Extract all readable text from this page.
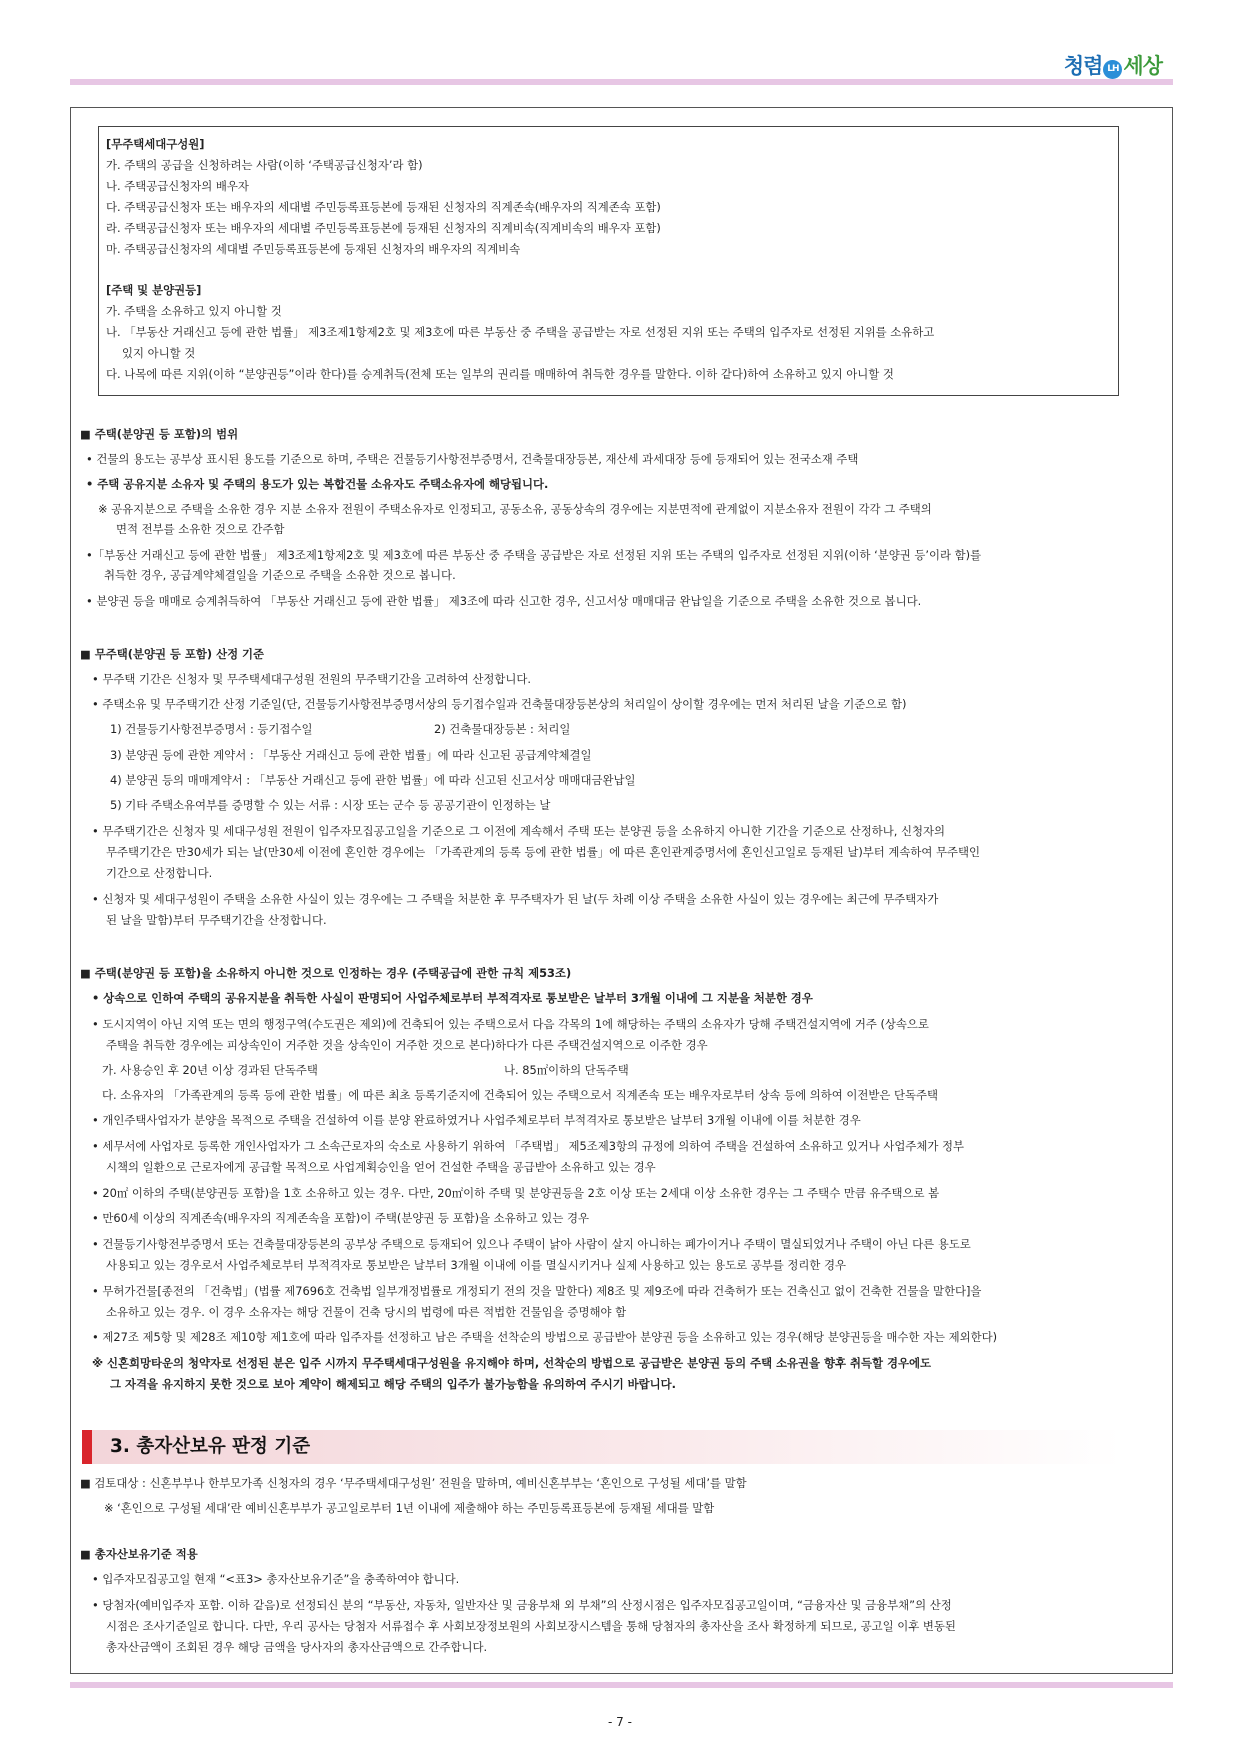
청렴 LH 세상
[무주택세대구성원]
가. 주택의 공급을 신청하려는 사람(이하 ‘주택공급신청자’라 함)
나. 주택공급신청자의 배우자
다. 주택공급신청자 또는 배우자의 세대별 주민등록표등본에 등재된 신청자의 직계존속(배우자의 직계존속 포함)
라. 주택공급신청자 또는 배우자의 세대별 주민등록표등본에 등재된 신청자의 직계비속(직계비속의 배우자 포함)
마. 주택공급신청자의 세대별 주민등록표등본에 등재된 신청자의 배우자의 직계비속
[주택 및 분양권등]
가. 주택을 소유하고 있지 아니할 것
나. 「부동산 거래신고 등에 관한 법률」 제3조제1항제2호 및 제3호에 따른 부동산 중 주택을 공급받는 자로 선정된 지위 또는 주택의 입주자로 선정된 지위를 소유하고
있지 아니할 것
다. 나목에 따른 지위(이하 “분양권등”이라 한다)를 승계취득(전체 또는 일부의 권리를 매매하여 취득한 경우를 말한다. 이하 같다)하여 소유하고 있지 아니할 것
■ 주택(분양권 등 포함)의 범위
• 건물의 용도는 공부상 표시된 용도를 기준으로 하며, 주택은 건물등기사항전부증명서, 건축물대장등본, 재산세 과세대장 등에 등재되어 있는 전국소재 주택
• 주택 공유지분 소유자 및 주택의 용도가 있는 복합건물 소유자도 주택소유자에 해당됩니다.
※ 공유지분으로 주택을 소유한 경우 지분 소유자 전원이 주택소유자로 인정되고, 공동소유, 공동상속의 경우에는 지분면적에 관계없이 지분소유자 전원이 각각 그 주택의
면적 전부를 소유한 것으로 간주함
•「부동산 거래신고 등에 관한 법률」 제3조제1항제2호 및 제3호에 따른 부동산 중 주택을 공급받은 자로 선정된 지위 또는 주택의 입주자로 선정된 지위(이하 ‘분양권 등’이라 함)를
취득한 경우, 공급계약체결일을 기준으로 주택을 소유한 것으로 봅니다.
• 분양권 등을 매매로 승계취득하여 「부동산 거래신고 등에 관한 법률」 제3조에 따라 신고한 경우, 신고서상 매매대금 완납일을 기준으로 주택을 소유한 것으로 봅니다.
■ 무주택(분양권 등 포함) 산정 기준
• 무주택 기간은 신청자 및 무주택세대구성원 전원의 무주택기간을 고려하여 산정합니다.
• 주택소유 및 무주택기간 산정 기준일(단, 건물등기사항전부증명서상의 등기접수일과 건축물대장등본상의 처리일이 상이할 경우에는 먼저 처리된 날을 기준으로 함)
1) 건물등기사항전부증명서 : 등기접수일	2) 건축물대장등본 : 처리일
3) 분양권 등에 관한 계약서 : 「부동산 거래신고 등에 관한 법률」에 따라 신고된 공급계약체결일
4) 분양권 등의 매매계약서 : 「부동산 거래신고 등에 관한 법률」에 따라 신고된 신고서상 매매대금완납일
5) 기타 주택소유여부를 증명할 수 있는 서류 : 시장 또는 군수 등 공공기관이 인정하는 날
• 무주택기간은 신청자 및 세대구성원 전원이 입주자모집공고일을 기준으로 그 이전에 계속해서 주택 또는 분양권 등을 소유하지 아니한 기간을 기준으로 산정하나, 신청자의
무주택기간은 만30세가 되는 날(만30세 이전에 혼인한 경우에는 「가족관계의 등록 등에 관한 법률」에 따른 혼인관계증명서에 혼인신고일로 등재된 날)부터 계속하여 무주택인
기간으로 산정합니다.
• 신청자 및 세대구성원이 주택을 소유한 사실이 있는 경우에는 그 주택을 처분한 후 무주택자가 된 날(두 차례 이상 주택을 소유한 사실이 있는 경우에는 최근에 무주택자가
된 날을 말함)부터 무주택기간을 산정합니다.
■ 주택(분양권 등 포함)을 소유하지 아니한 것으로 인정하는 경우 (주택공급에 관한 규칙 제53조)
• 상속으로 인하여 주택의 공유지분을 취득한 사실이 판명되어 사업주체로부터 부적격자로 통보받은 날부터 3개월 이내에 그 지분을 처분한 경우
• 도시지역이 아닌 지역 또는 면의 행정구역(수도권은 제외)에 건축되어 있는 주택으로서 다음 각목의 1에 해당하는 주택의 소유자가 당해 주택건설지역에 거주 (상속으로
주택을 취득한 경우에는 피상속인이 거주한 것을 상속인이 거주한 것으로 본다)하다가 다른 주택건설지역으로 이주한 경우
가. 사용승인 후 20년 이상 경과된 단독주택	나. 85㎡이하의 단독주택
다. 소유자의 「가족관계의 등록 등에 관한 법률」에 따른 최초 등록기준지에 건축되어 있는 주택으로서 직계존속 또는 배우자로부터 상속 등에 의하여 이전받은 단독주택
• 개인주택사업자가 분양을 목적으로 주택을 건설하여 이를 분양 완료하였거나 사업주체로부터 부적격자로 통보받은 날부터 3개월 이내에 이를 처분한 경우
• 세무서에 사업자로 등록한 개인사업자가 그 소속근로자의 숙소로 사용하기 위하여 「주택법」 제5조제3항의 규정에 의하여 주택을 건설하여 소유하고 있거나 사업주체가 정부
시책의 일환으로 근로자에게 공급할 목적으로 사업계획승인을 얻어 건설한 주택을 공급받아 소유하고 있는 경우
• 20㎡ 이하의 주택(분양권등 포함)을 1호 소유하고 있는 경우. 다만, 20㎡이하 주택 및 분양권등을 2호 이상 또는 2세대 이상 소유한 경우는 그 주택수 만큼 유주택으로 봄
• 만60세 이상의 직계존속(배우자의 직계존속을 포함)이 주택(분양권 등 포함)을 소유하고 있는 경우
• 건물등기사항전부증명서 또는 건축물대장등본의 공부상 주택으로 등재되어 있으나 주택이 낡아 사람이 살지 아니하는 폐가이거나 주택이 멸실되었거나 주택이 아닌 다른 용도로
사용되고 있는 경우로서 사업주체로부터 부적격자로 통보받은 날부터 3개월 이내에 이를 멸실시키거나 실제 사용하고 있는 용도로 공부를 정리한 경우
• 무허가건물[종전의 「건축법」(법률 제7696호 건축법 일부개정법률로 개정되기 전의 것을 말한다) 제8조 및 제9조에 따라 건축허가 또는 건축신고 없이 건축한 건물을 말한다]을
소유하고 있는 경우. 이 경우 소유자는 해당 건물이 건축 당시의 법령에 따른 적법한 건물임을 증명해야 함
• 제27조 제5항 및 제28조 제10항 제1호에 따라 입주자를 선정하고 남은 주택을 선착순의 방법으로 공급받아 분양권 등을 소유하고 있는 경우(해당 분양권등을 매수한 자는 제외한다)
※ 신혼희망타운의 청약자로 선정된 분은 입주 시까지 무주택세대구성원을 유지해야 하며, 선착순의 방법으로 공급받은 분양권 등의 주택 소유권을 향후 취득할 경우에도
그 자격을 유지하지 못한 것으로 보아 계약이 해제되고 해당 주택의 입주가 불가능함을 유의하여 주시기 바랍니다.
3. 총자산보유 판정 기준
■ 검토대상 : 신혼부부나 한부모가족 신청자의 경우 ‘무주택세대구성원’ 전원을 말하며, 예비신혼부부는 ‘혼인으로 구성될 세대’를 말함
※ ‘혼인으로 구성될 세대’란 예비신혼부부가 공고일로부터 1년 이내에 제출해야 하는 주민등록표등본에 등재될 세대를 말함
■ 총자산보유기준 적용
• 입주자모집공고일 현재 “<표3> 총자산보유기준”을 충족하여야 합니다.
• 당첨자(예비입주자 포함. 이하 같음)로 선정되신 분의 “부동산, 자동차, 일반자산 및 금융부채 외 부채”의 산정시점은 입주자모집공고일이며, “금융자산 및 금융부채”의 산정
시점은 조사기준일로 합니다. 다만, 우리 공사는 당첨자 서류접수 후 사회보장정보원의 사회보장시스템을 통해 당첨자의 총자산을 조사 확정하게 되므로, 공고일 이후 변동된
총자산금액이 조회된 경우 해당 금액을 당사자의 총자산금액으로 간주합니다.
- 7 -
